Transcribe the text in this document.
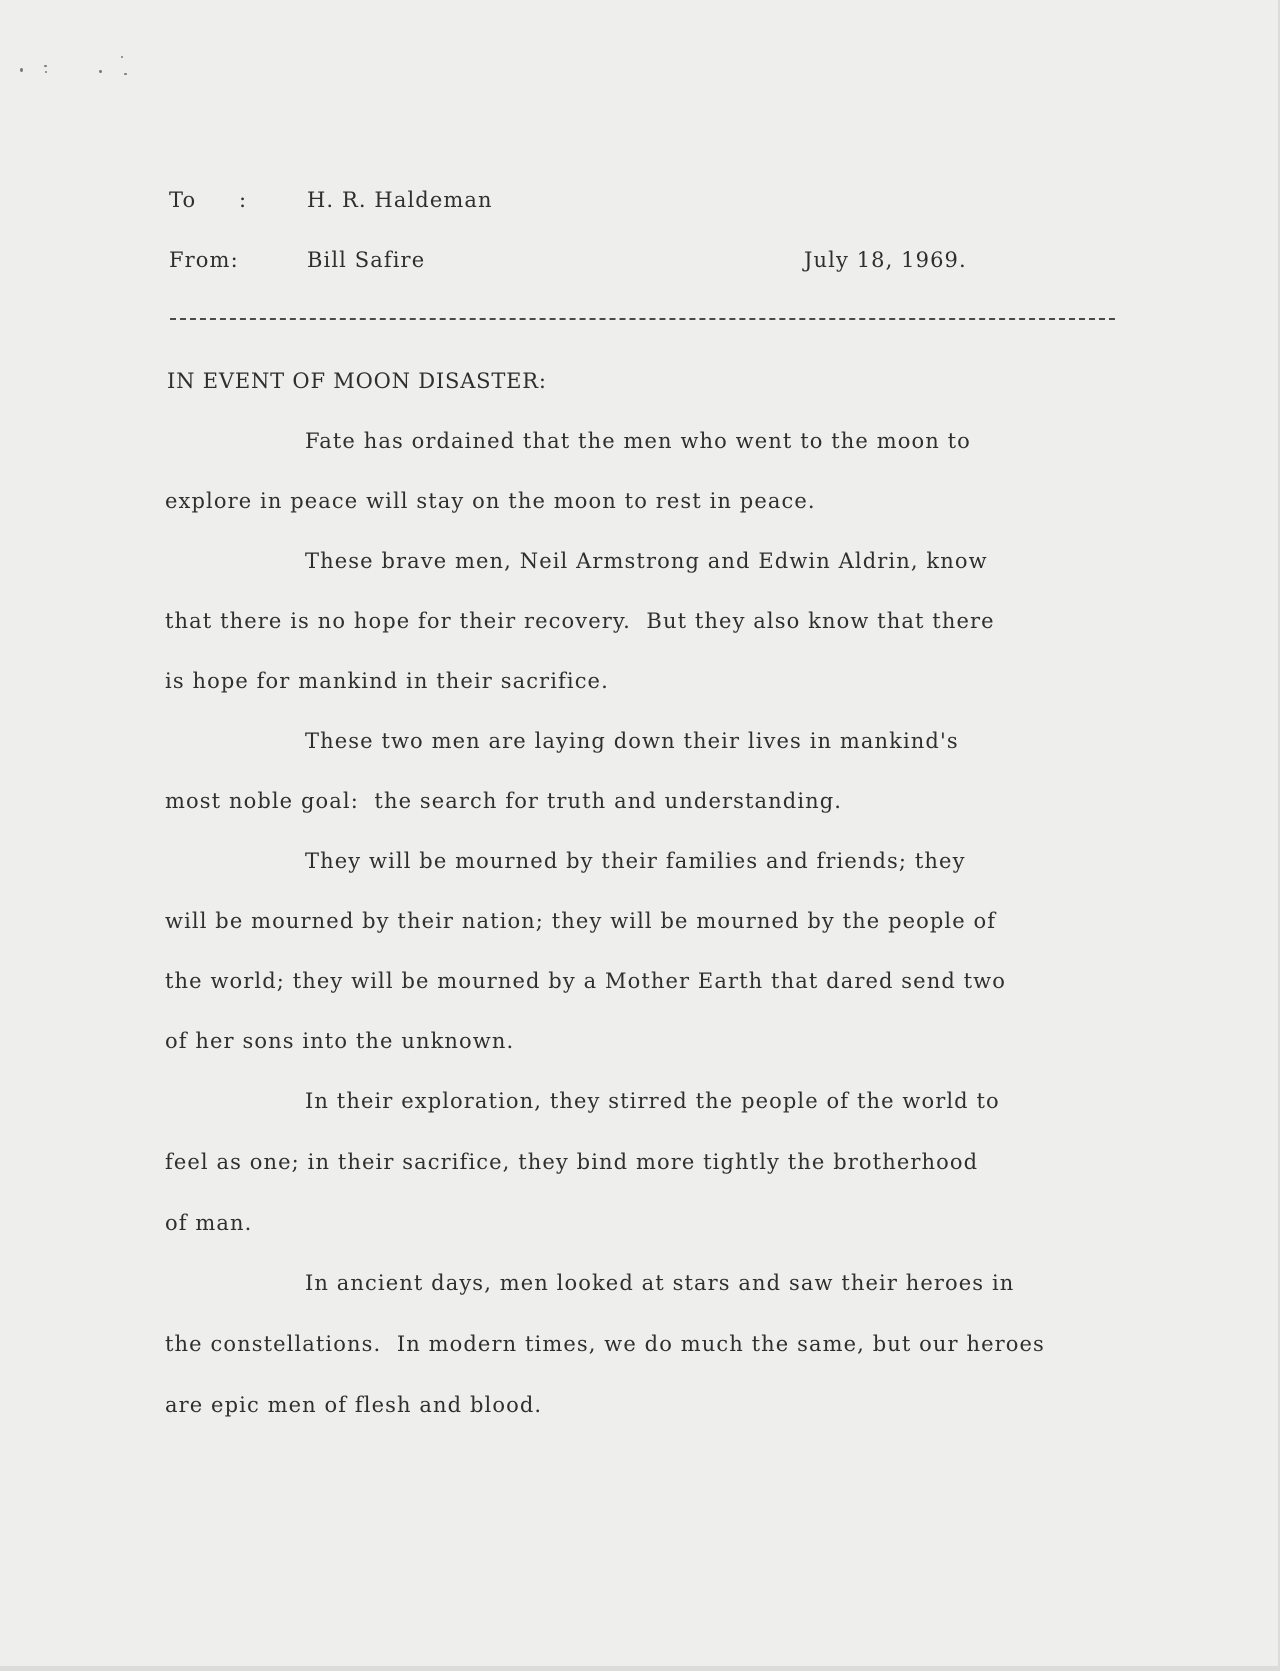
To :	H. R. Haldeman
From:	Bill Safire	July 18, 1969.
IN EVENT OF MOON DISASTER:
Fate has ordained that the men who went to the moon to
explore in peace will stay on the moon to rest in peace.
These brave men, Neil Armstrong and Edwin Aldrin, know
that there is no hope for their recovery.  But they also know that there
is hope for mankind in their sacrifice.
These two men are laying down their lives in mankind's
most noble goal:  the search for truth and understanding.
They will be mourned by their families and friends; they
will be mourned by their nation; they will be mourned by the people of
the world; they will be mourned by a Mother Earth that dared send two
of her sons into the unknown.
In their exploration, they stirred the people of the world to
feel as one; in their sacrifice, they bind more tightly the brotherhood
of man.
In ancient days, men looked at stars and saw their heroes in
the constellations.  In modern times, we do much the same, but our heroes
are epic men of flesh and blood.
